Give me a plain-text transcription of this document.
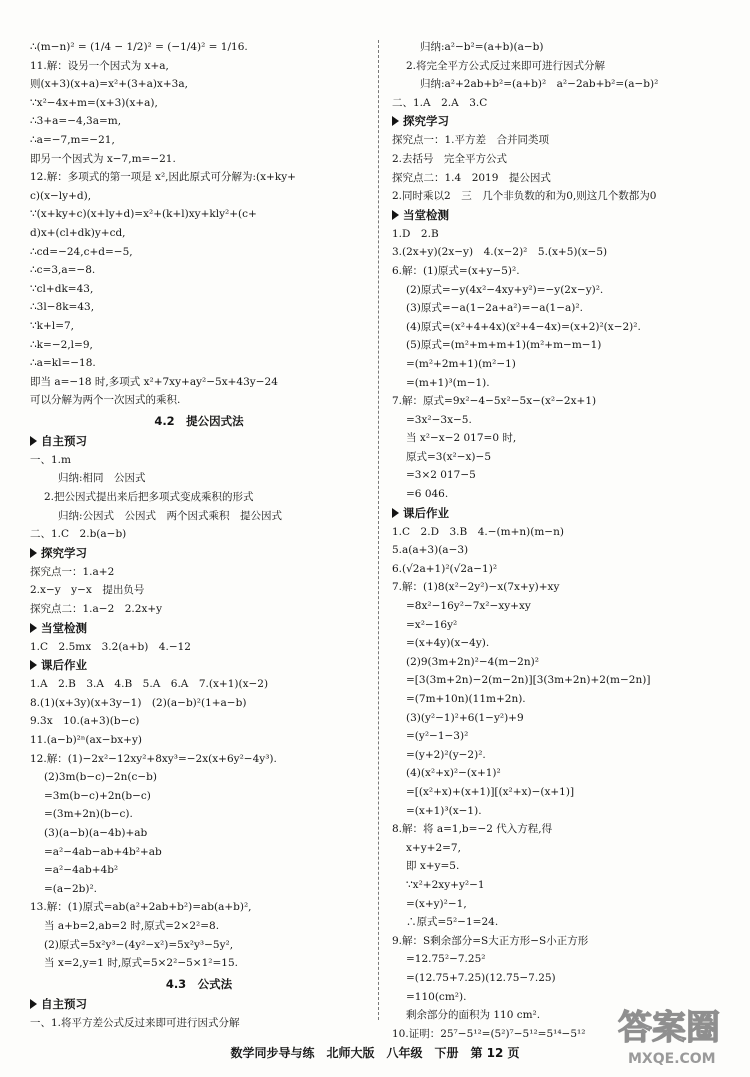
∴(m−n)² = (1/4 − 1/2)² = (−1/4)² = 1/16.
11.解：设另一个因式为 x+a,
则(x+3)(x+a)=x²+(3+a)x+3a,
∵x²−4x+m=(x+3)(x+a),
∴3+a=−4,3a=m,
∴a=−7,m=−21,
即另一个因式为 x−7,m=−21.
12.解：多项式的第一项是 x²,因此原式可分解为:(x+ky+
c)(x−ly+d),
∵(x+ky+c)(x+ly+d)=x²+(k+l)xy+kly²+(c+
d)x+(cl+dk)y+cd,
∴cd=−24,c+d=−5,
∴c=3,a=−8.
∵cl+dk=43,
∴3l−8k=43,
∵k+l=7,
∴k=−2,l=9,
∴a=kl=−18.
即当 a=−18 时,多项式 x²+7xy+ay²−5x+43y−24
可以分解为两个一次因式的乘积.
4.2　提公因式法
自主预习
一、1.m
归纳:相同　公因式
2.把公因式提出来后把多项式变成乘积的形式
归纳:公因式　公因式　两个因式乘积　提公因式
二、1.C　2.b(a−b)
探究学习
探究点一：1.a+2
2.x−y　y−x　提出负号
探究点二：1.a−2　2.2x+y
当堂检测
1.C　2.5mx　3.2(a+b)　4.−12
课后作业
1.A　2.B　3.A　4.B　5.A　6.A　7.(x+1)(x−2)
8.(1)(x+3y)(x+3y−1)　(2)(a−b)²(1+a−b)
9.3x　10.(a+3)(b−c)
11.(a−b)²ⁿ(ax−bx+y)
12.解：(1)−2x²−12xy²+8xy³=−2x(x+6y²−4y³).
(2)3m(b−c)−2n(c−b)
=3m(b−c)+2n(b−c)
=(3m+2n)(b−c).
(3)(a−b)(a−4b)+ab
=a²−4ab−ab+4b²+ab
=a²−4ab+4b²
=(a−2b)².
13.解：(1)原式=ab(a²+2ab+b²)=ab(a+b)²,
当 a+b=2,ab=2 时,原式=2×2²=8.
(2)原式=5x²y³−(4y²−x²)=5x²y³−5y²,
当 x=2,y=1 时,原式=5×2²−5×1²=15.
4.3　公式法
自主预习
一、1.将平方差公式反过来即可进行因式分解
归纳:a²−b²=(a+b)(a−b)
2.将完全平方公式反过来即可进行因式分解
归纳:a²+2ab+b²=(a+b)²　a²−2ab+b²=(a−b)²
二、1.A　2.A　3.C
探究学习
探究点一：1.平方差　合并同类项
2.去括号　完全平方公式
探究点二：1.4　2019　提公因式
2.同时乘以2　三　几个非负数的和为0,则这几个数都为0
当堂检测
1.D　2.B
3.(2x+y)(2x−y)　4.(x−2)²　5.(x+5)(x−5)
6.解：(1)原式=(x+y−5)².
(2)原式=−y(4x²−4xy+y²)=−y(2x−y)².
(3)原式=−a(1−2a+a²)=−a(1−a)².
(4)原式=(x²+4+4x)(x²+4−4x)=(x+2)²(x−2)².
(5)原式=(m²+m+m+1)(m²+m−m−1)
=(m²+2m+1)(m²−1)
=(m+1)³(m−1).
7.解：原式=9x²−4−5x²−5x−(x²−2x+1)
=3x²−3x−5.
当 x²−x−2 017=0 时,
原式=3(x²−x)−5
=3×2 017−5
=6 046.
课后作业
1.C　2.D　3.B　4.−(m+n)(m−n)
5.a(a+3)(a−3)
6.(√2a+1)²(√2a−1)²
7.解：(1)8(x²−2y²)−x(7x+y)+xy
=8x²−16y²−7x²−xy+xy
=x²−16y²
=(x+4y)(x−4y).
(2)9(3m+2n)²−4(m−2n)²
=[3(3m+2n)−2(m−2n)][3(3m+2n)+2(m−2n)]
=(7m+10n)(11m+2n).
(3)(y²−1)²+6(1−y²)+9
=(y²−1−3)²
=(y+2)²(y−2)².
(4)(x²+x)²−(x+1)²
=[(x²+x)+(x+1)][(x²+x)−(x+1)]
=(x+1)³(x−1).
8.解：将 a=1,b=−2 代入方程,得
x+y+2=7,
即 x+y=5.
∵x²+2xy+y²−1
=(x+y)²−1,
∴原式=5²−1=24.
9.解：S剩余部分=S大正方形−S小正方形
=12.75²−7.25²
=(12.75+7.25)(12.75−7.25)
=110(cm²).
剩余部分的面积为 110 cm².
10.证明：25⁷−5¹²=(5²)⁷−5¹²=5¹⁴−5¹²
数学同步导与练　北师大版　八年级　下册　第 12 页
答案圈
MXQE.COM
